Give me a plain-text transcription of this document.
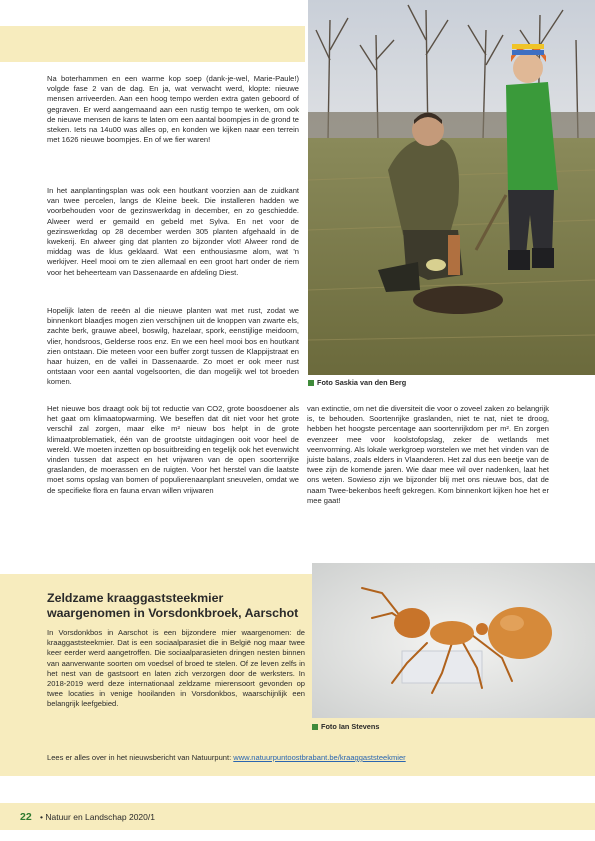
Foto Saskia van den Berg

Na boterhammen en een warme kop soep (dank-je-wel, Marie-Paule!) volgde fase 2 van de dag. En ja, wat verwacht werd, klopte: nieuwe mensen arriveerden. Aan een hoog tempo werden extra gaten geboord of gegraven. Er werd aangemaand aan een rustig tempo te werken, om ook de nieuwe mensen de kans te laten om een aantal boompjes in de grond te steken. Iets na 14u00 was alles op, en konden we kijken naar een terrein met 1626 nieuwe boompjes. En of we fier waren!

In het aanplantingsplan was ook een houtkant voorzien aan de zuidkant van twee percelen, langs de Kleine beek. Die installeren hadden we voorbehouden voor de gezinswerkdag in december, en zo geschiedde. Alweer werd er gemaild en gebeld met Sylva. En net voor de gezinswerkdag op 28 december werden 305 planten afgehaald in de kwekerij. En alweer ging dat planten zo bijzonder vlot! Alweer rond de middag was de klus geklaard. Wat een enthousiasme alom, wat 'n werkijver. Heel mooi om te zien allemaal en een groot hart onder de riem voor het beheerteam van Dassenaarde en afdeling Diest.

Hopelijk laten de reeën al die nieuwe planten wat met rust, zodat we binnenkort blaadjes mogen zien verschijnen uit de knoppen van zwarte els, zachte berk, grauwe abeel, boswilg, hazelaar, spork, eenstijlige meidoorn, vlier, hondsroos, Gelderse roos enz. En we een heel mooi bos en houtkant zien ontstaan. Die meteen voor een buffer zorgt tussen de Klappijstraat en haar huizen, en de vallei in Dassenaarde. Zo moet er ook meer rust ontstaan voor een aantal vogelsoorten, die dan mogelijk wel tot broeden komen.

Het nieuwe bos draagt ook bij tot reductie van CO2, grote boosdoener als het gaat om klimaatopwarming. We beseffen dat dit niet voor het grote verschil zal zorgen, maar elke m² nieuw bos helpt in de grote klimaatproblematiek, één van de grootste uitdagingen ooit voor heel de wereld. We moeten inzetten op bosuitbreiding en tegelijk ook het evenwicht vinden tussen dat aspect en het vrijwaren van de open soortenrijke graslanden, de moerassen en de ruigten. Voor het herstel van die laatste moet soms opslag van bomen of populierenaanplant sneuvelen, omdat we de specifieke flora en fauna ervan willen vrijwaren

van extinctie, om net die diversiteit die voor o zoveel zaken zo belangrijk is, te behouden. Soortenrijke graslanden, niet te nat, niet te droog, hebben het hoogste percentage aan soortenrijkdom per m². En zorgen evenzeer mee voor koolstofopslag, zeker de wetlands met veenvorming. Als lokale werkgroep worstelen we met het vinden van de juiste balans, zoals elders in Vlaanderen. Het zal dus een beetje van de twee zijn de komende jaren. Wie daar mee wil over nadenken, laat het ons weten. Sowieso zijn we bijzonder blij met ons nieuwe bos, dat de naam Twee-bekenbos heeft gekregen. Kom binnenkort kijken hoe het er mee gaat!

Zeldzame kraaggaststeekmier waargenomen in Vorsdonkbroek, Aarschot

In Vorsdonkbos in Aarschot is een bijzondere mier waargenomen: de kraaggaststeekmier. Dat is een sociaalparasiet die in België nog maar twee keer eerder werd aangetroffen. Die sociaalparasieten dringen nesten binnen van aanverwante soorten om voedsel of broed te stelen. Of ze leven zelfs in het nest van de gastsoort en laten zich verzorgen door de werksters. In 2018-2019 werd deze internationaal zeldzame mierensoort gevonden op twee locaties in venige hooilanden in Vorsdonkbos, waarschijnlijk een belangrijk leefgebied.

Foto Ian Stevens
Lees er alles over in het nieuwsbericht van Natuurpunt: www.natuurpuntoostbrabant.be/kraaggaststeekmier
22 • Natuur en Landschap 2020/1
